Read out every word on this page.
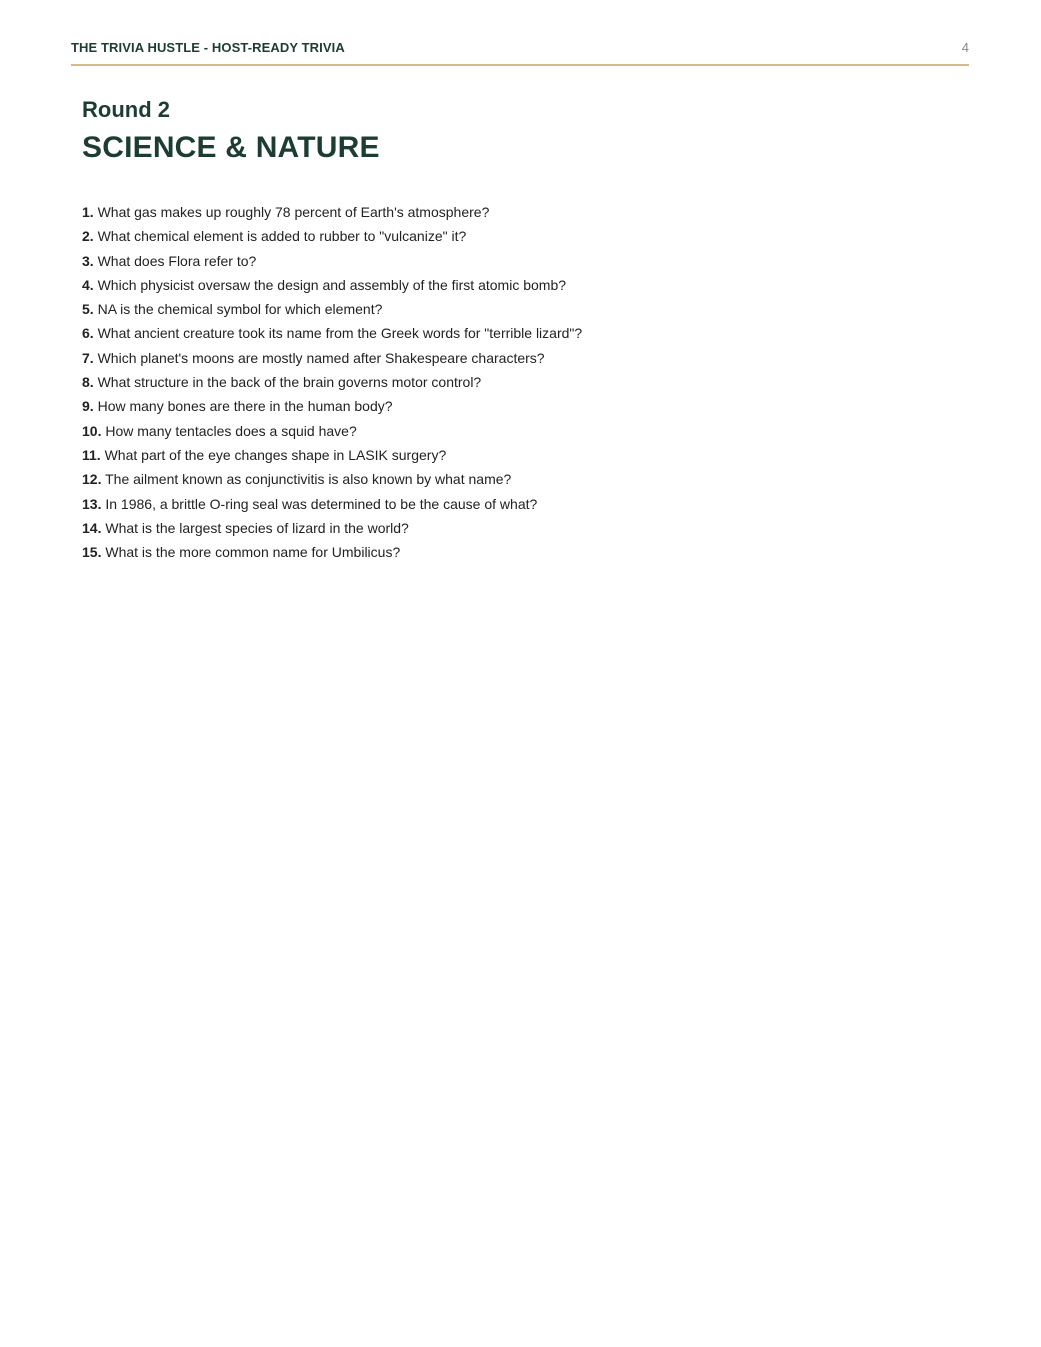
THE TRIVIA HUSTLE - HOST-READY TRIVIA	4
Round 2
SCIENCE & NATURE
1. What gas makes up roughly 78 percent of Earth's atmosphere?
2. What chemical element is added to rubber to "vulcanize" it?
3. What does Flora refer to?
4. Which physicist oversaw the design and assembly of the first atomic bomb?
5. NA is the chemical symbol for which element?
6. What ancient creature took its name from the Greek words for "terrible lizard"?
7. Which planet's moons are mostly named after Shakespeare characters?
8. What structure in the back of the brain governs motor control?
9. How many bones are there in the human body?
10. How many tentacles does a squid have?
11. What part of the eye changes shape in LASIK surgery?
12. The ailment known as conjunctivitis is also known by what name?
13. In 1986, a brittle O-ring seal was determined to be the cause of what?
14. What is the largest species of lizard in the world?
15. What is the more common name for Umbilicus?
